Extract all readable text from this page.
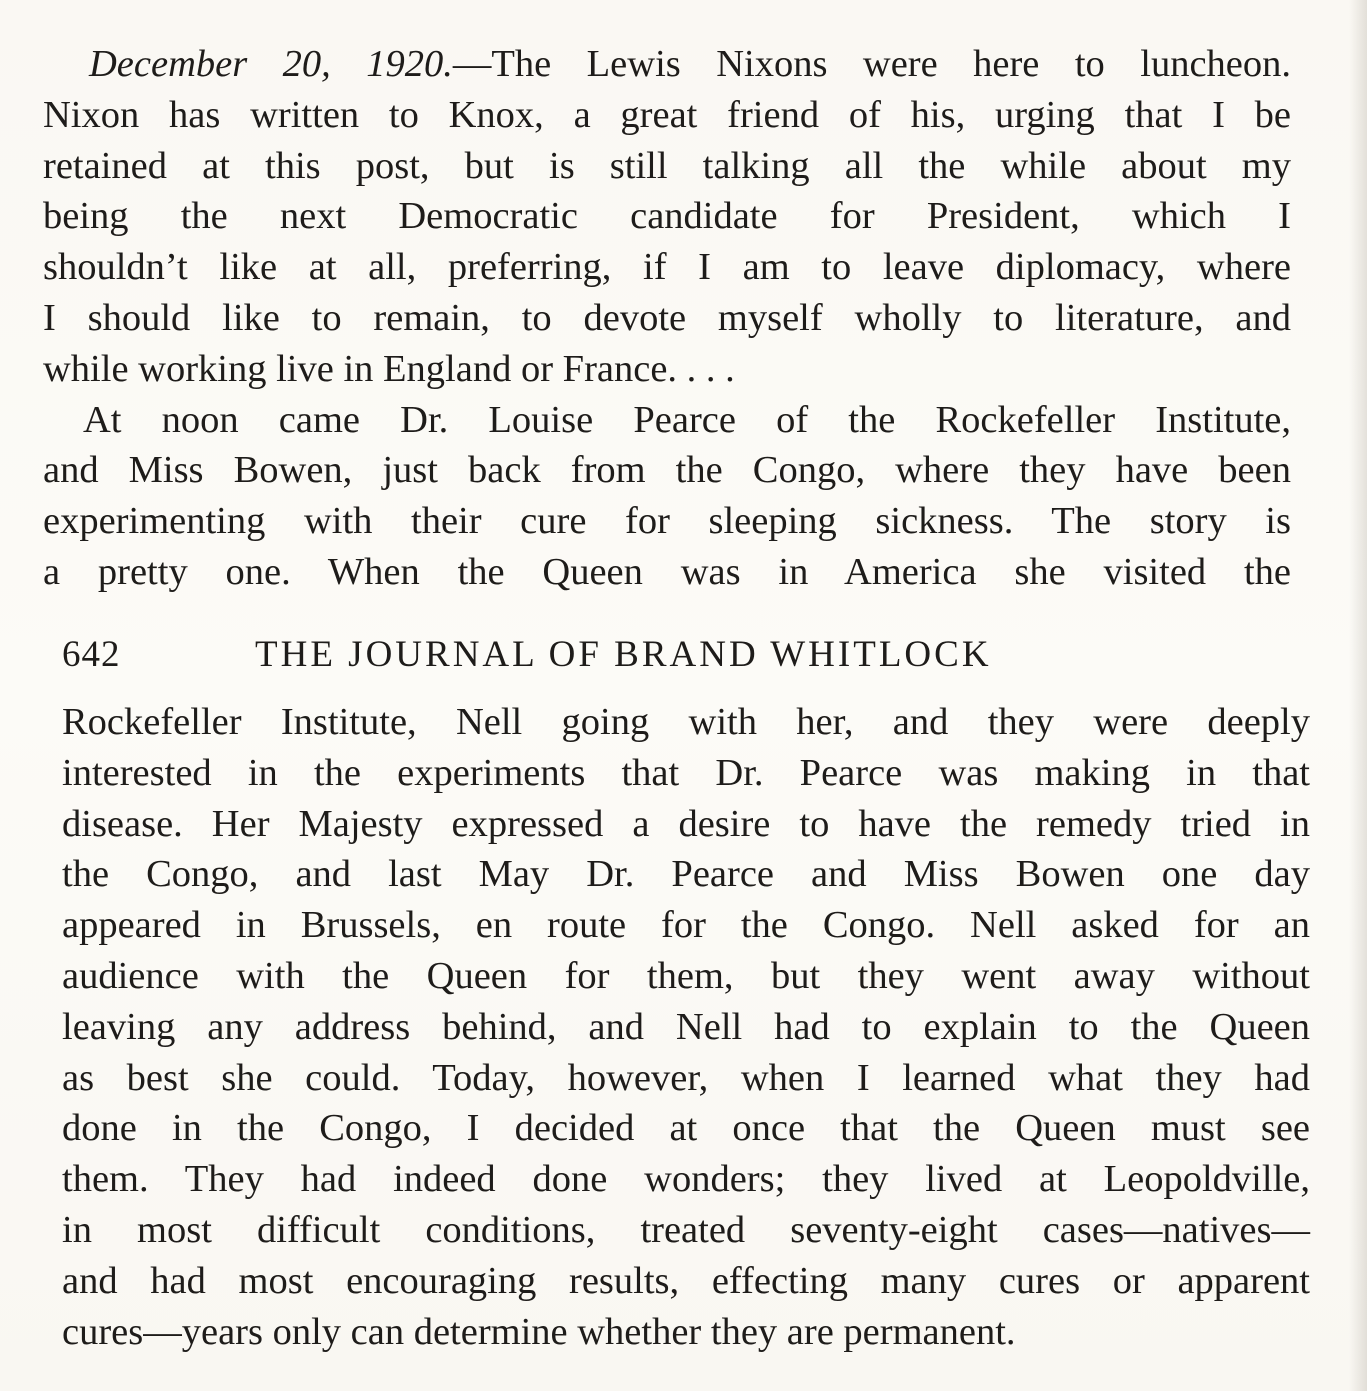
December 20, 1920.—The Lewis Nixons were here to luncheon.
Nixon has written to Knox, a great friend of his, urging that I be
retained at this post, but is still talking all the while about my
being the next Democratic candidate for President, which I
shouldn’t like at all, preferring, if I am to leave diplomacy, where
I should like to remain, to devote myself wholly to literature, and
while working live in England or France. . . .
At noon came Dr. Louise Pearce of the Rockefeller Institute,
and Miss Bowen, just back from the Congo, where they have been
experimenting with their cure for sleeping sickness. The story is
a pretty one. When the Queen was in America she visited the
642	THE JOURNAL OF BRAND WHITLOCK
Rockefeller Institute, Nell going with her, and they were deeply
interested in the experiments that Dr. Pearce was making in that
disease. Her Majesty expressed a desire to have the remedy tried in
the Congo, and last May Dr. Pearce and Miss Bowen one day
appeared in Brussels, en route for the Congo. Nell asked for an
audience with the Queen for them, but they went away without
leaving any address behind, and Nell had to explain to the Queen
as best she could. Today, however, when I learned what they had
done in the Congo, I decided at once that the Queen must see
them. They had indeed done wonders; they lived at Leopoldville,
in most difficult conditions, treated seventy-eight cases—natives—
and had most encouraging results, effecting many cures or apparent
cures—years only can determine whether they are permanent.
